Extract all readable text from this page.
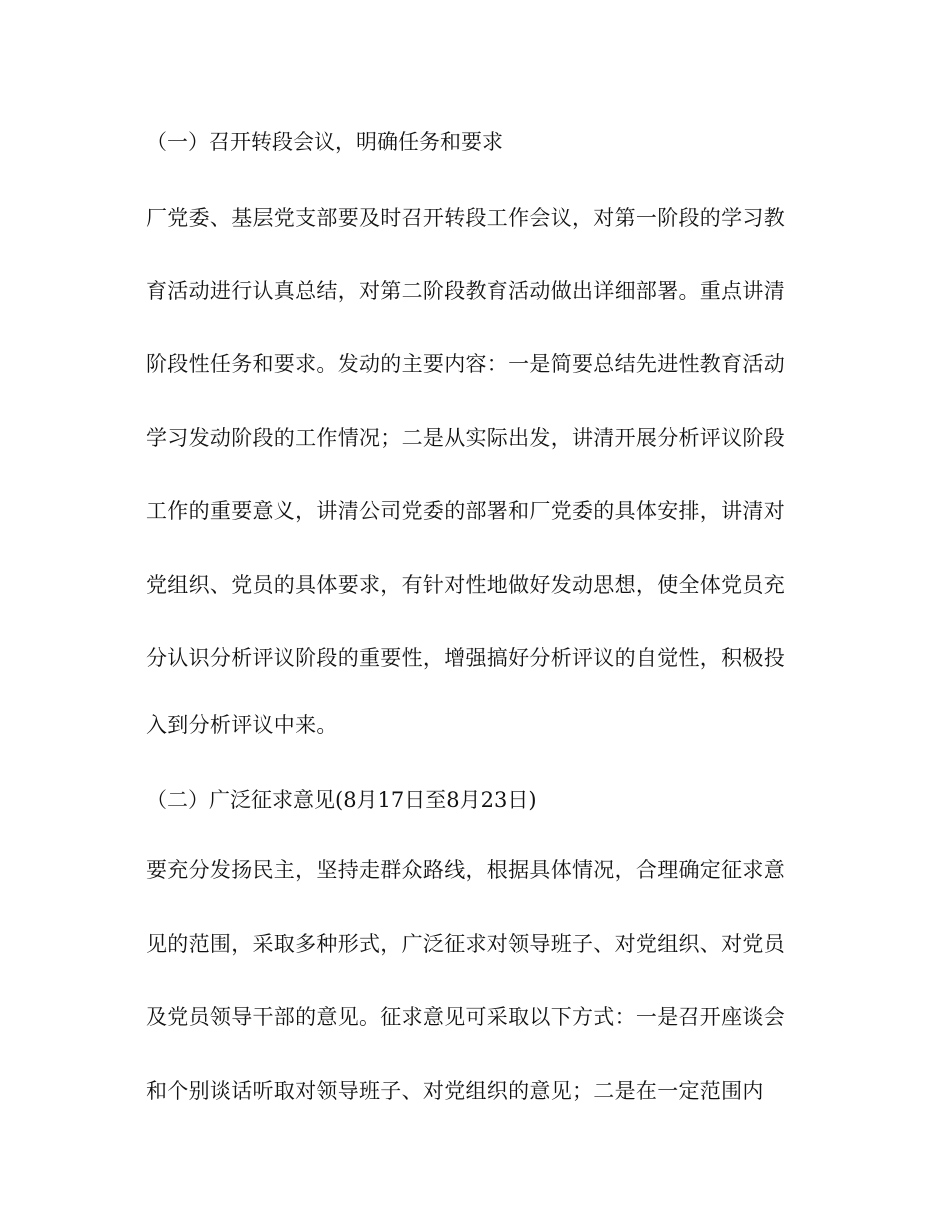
（一）召开转段会议，明确任务和要求
厂党委、基层党支部要及时召开转段工作会议，对第一阶段的学习教
育活动进行认真总结，对第二阶段教育活动做出详细部署。重点讲清
阶段性任务和要求。发动的主要内容：一是简要总结先进性教育活动
学习发动阶段的工作情况；二是从实际出发，讲清开展分析评议阶段
工作的重要意义，讲清公司党委的部署和厂党委的具体安排，讲清对
党组织、党员的具体要求，有针对性地做好发动思想，使全体党员充
分认识分析评议阶段的重要性，增强搞好分析评议的自觉性，积极投
入到分析评议中来。
（二）广泛征求意见(8月17日至8月23日)
要充分发扬民主，坚持走群众路线，根据具体情况，合理确定征求意
见的范围，采取多种形式，广泛征求对领导班子、对党组织、对党员
及党员领导干部的意见。征求意见可采取以下方式：一是召开座谈会
和个别谈话听取对领导班子、对党组织的意见；二是在一定范围内
